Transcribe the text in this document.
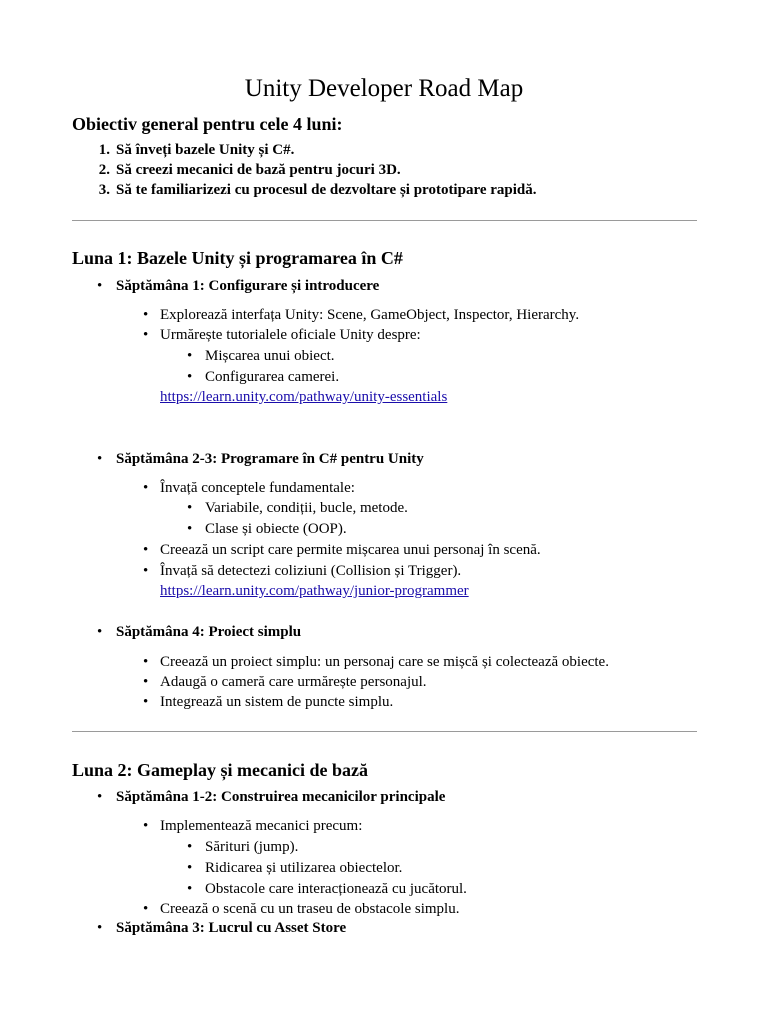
Unity Developer Road Map
Obiectiv general pentru cele 4 luni:
1. Să înveți bazele Unity și C#.
2. Să creezi mecanici de bază pentru jocuri 3D.
3. Să te familiarizezi cu procesul de dezvoltare și prototipare rapidă.
Luna 1: Bazele Unity și programarea în C#
• Săptămâna 1: Configurare și introducere
• Explorează interfața Unity: Scene, GameObject, Inspector, Hierarchy.
• Urmărește tutorialele oficiale Unity despre:
• Mișcarea unui obiect.
• Configurarea camerei.
https://learn.unity.com/pathway/unity-essentials
• Săptămâna 2-3: Programare în C# pentru Unity
• Învață conceptele fundamentale:
• Variabile, condiții, bucle, metode.
• Clase și obiecte (OOP).
• Creează un script care permite mișcarea unui personaj în scenă.
• Învață să detectezi coliziuni (Collision și Trigger).
https://learn.unity.com/pathway/junior-programmer
• Săptămâna 4: Proiect simplu
• Creează un proiect simplu: un personaj care se mișcă și colectează obiecte.
• Adaugă o cameră care urmărește personajul.
• Integrează un sistem de puncte simplu.
Luna 2: Gameplay și mecanici de bază
• Săptămâna 1-2: Construirea mecanicilor principale
• Implementează mecanici precum:
• Sărituri (jump).
• Ridicarea și utilizarea obiectelor.
• Obstacole care interacționează cu jucătorul.
• Creează o scenă cu un traseu de obstacole simplu.
• Săptămâna 3: Lucrul cu Asset Store
